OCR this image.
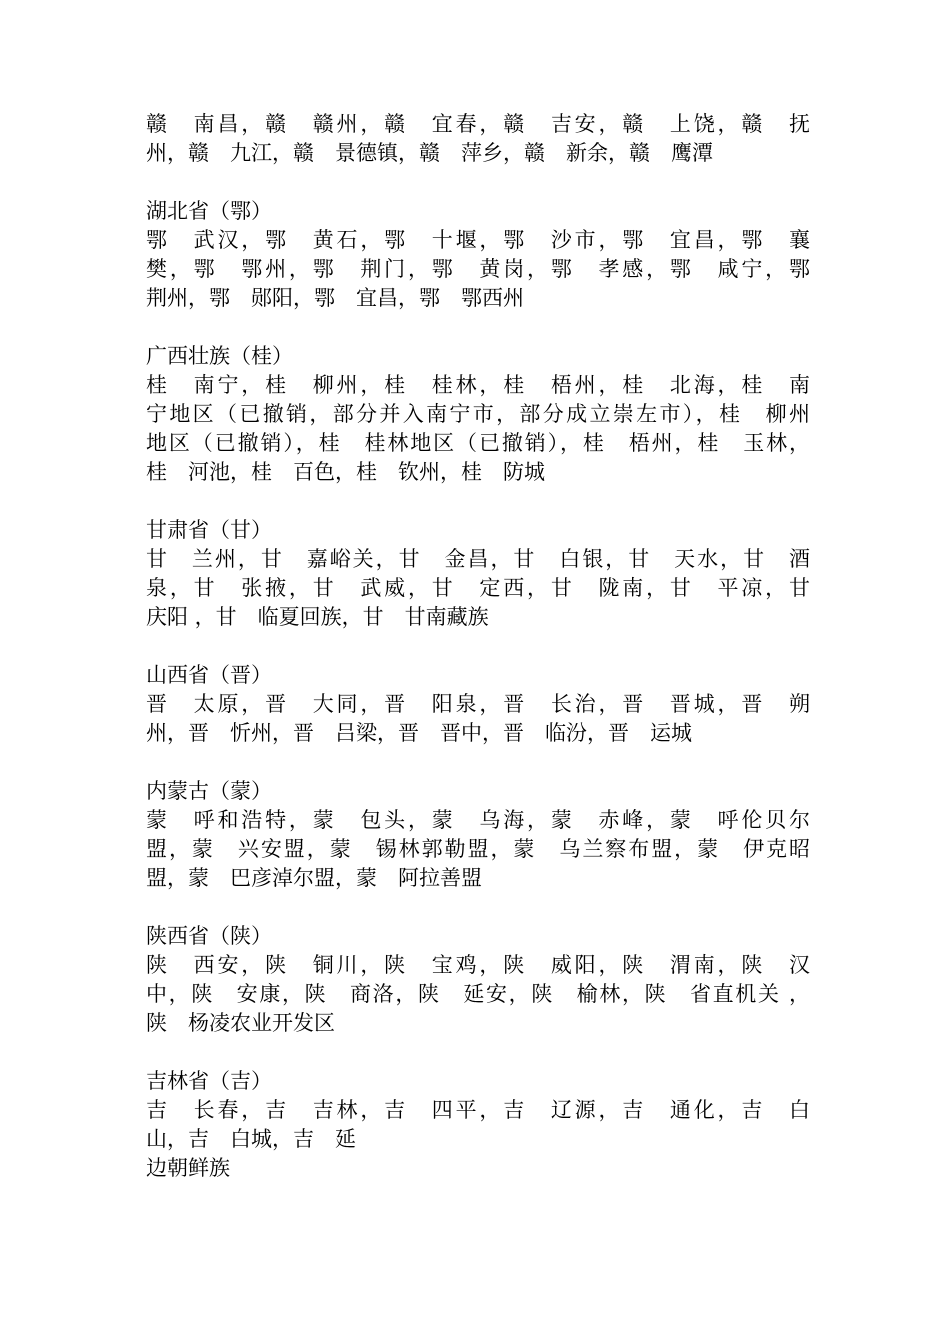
赣　南昌，赣　赣州，赣　宜春，赣　吉安，赣　上饶，赣　抚
州，赣　九江，赣　景德镇，赣　萍乡，赣　新余，赣　鹰潭
湖北省（鄂）
鄂　武汉，鄂　黄石，鄂　十堰，鄂　沙市，鄂　宜昌，鄂　襄
樊，鄂　鄂州，鄂　荆门，鄂　黄岗，鄂　孝感，鄂　咸宁，鄂
荆州，鄂　郧阳，鄂　宜昌，鄂　鄂西州
广西壮族（桂）
桂　南宁，桂　柳州，桂　桂林，桂　梧州，桂　北海，桂　南
宁地区（已撤销，部分并入南宁市，部分成立崇左市），桂　柳州
地区（已撤销），桂　桂林地区（已撤销），桂　梧州，桂　玉林，
桂　河池，桂　百色，桂　钦州，桂　防城
甘肃省（甘）
甘　兰州，甘　嘉峪关，甘　金昌，甘　白银，甘　天水，甘　酒
泉，甘　张掖，甘　武威，甘　定西，甘　陇南，甘　平凉，甘
庆阳 ，甘　临夏回族，甘　甘南藏族
山西省（晋）
晋　太原，晋　大同，晋　阳泉，晋　长治，晋　晋城，晋　朔
州，晋　忻州，晋　吕梁，晋　晋中，晋　临汾，晋　运城
内蒙古（蒙）
蒙　呼和浩特，蒙　包头，蒙　乌海，蒙　赤峰，蒙　呼伦贝尔
盟，蒙　兴安盟，蒙　锡林郭勒盟，蒙　乌兰察布盟，蒙　伊克昭
盟，蒙　巴彦淖尔盟，蒙　阿拉善盟
陕西省（陕）
陕　西安，陕　铜川，陕　宝鸡，陕　威阳，陕　渭南，陕　汉
中，陕　安康，陕　商洛，陕　延安，陕　榆林，陕　省直机关 ，
陕　杨凌农业开发区
吉林省（吉）
吉　长春，吉　吉林，吉　四平，吉　辽源，吉　通化，吉　白
山，吉　白城，吉　延
边朝鲜族
